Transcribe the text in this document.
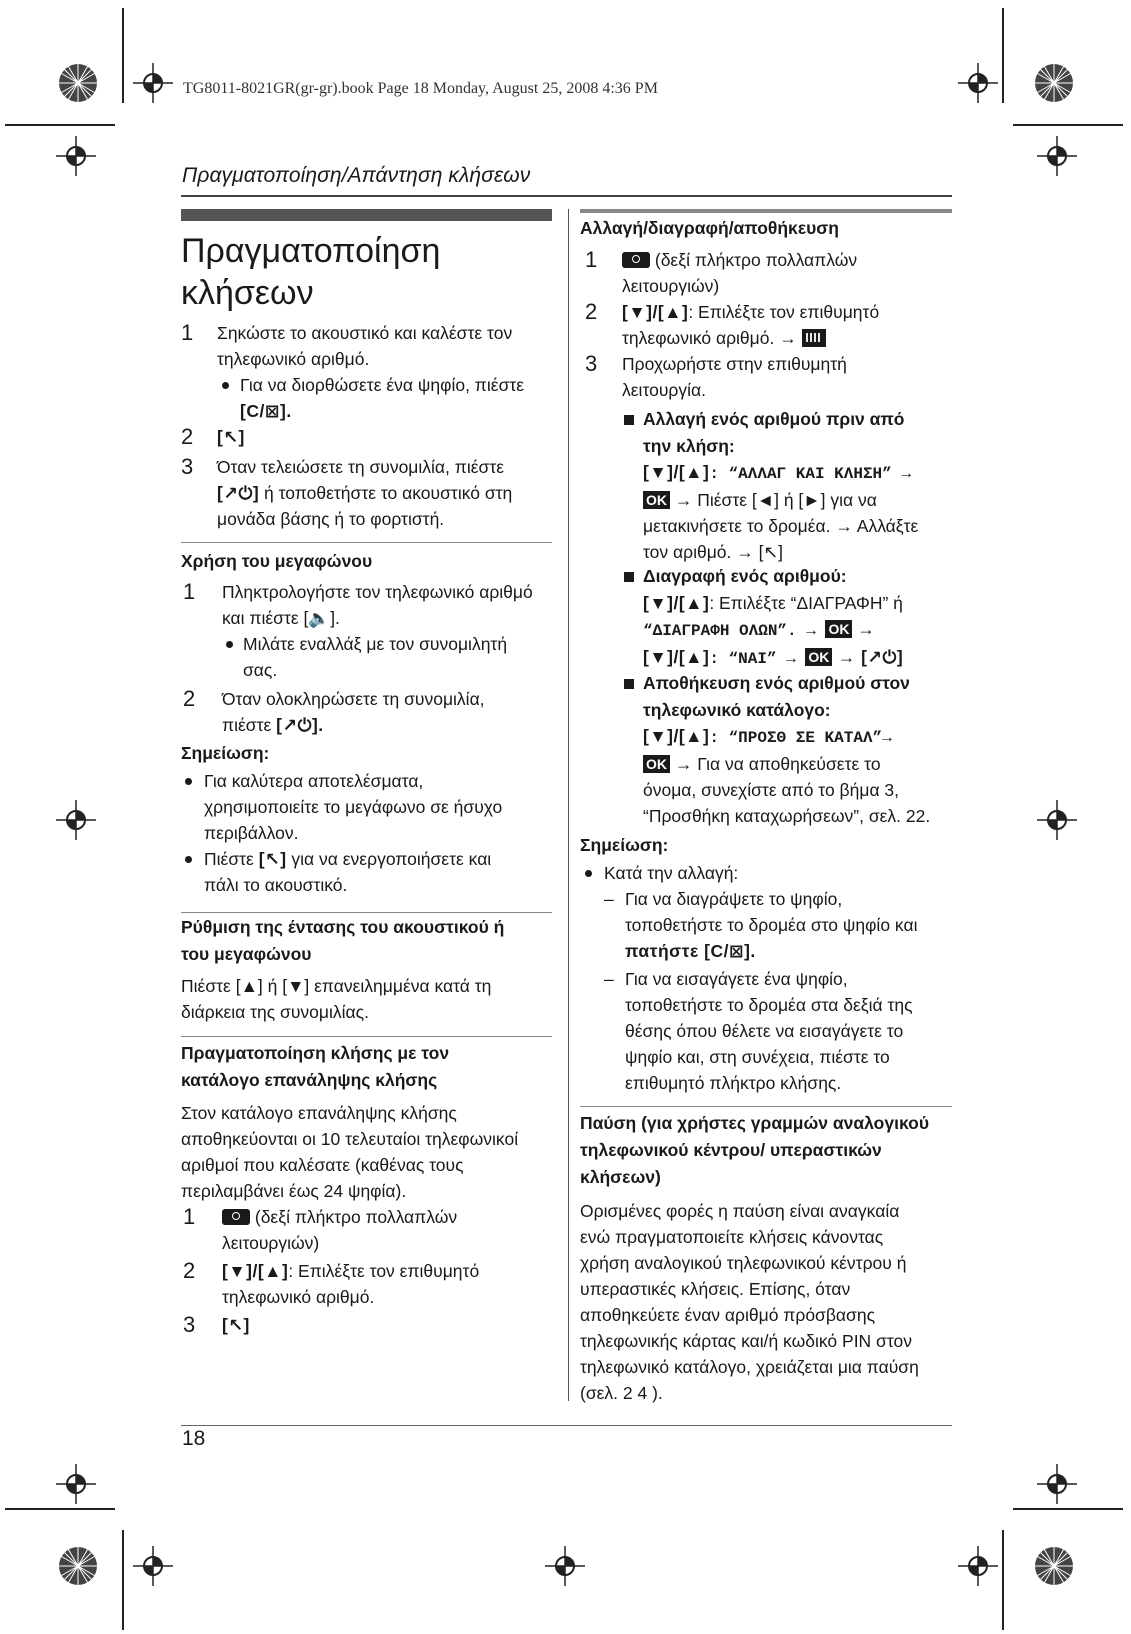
TG8011-8021GR(gr-gr).book Page 18 Monday, August 25, 2008 4:36 PM
Πραγματοποίηση/Απάντηση κλήσεων
Πραγματοποίηση
κλήσεων
1 Σηκώστε το ακουστικό και καλέστε τον
τηλεφωνικό αριθμό.
Για να διορθώσετε ένα ψηφίο, πιέστε
[C/⊠].
2 [↖]
3 Όταν τελειώσετε τη συνομιλία, πιέστε
[↗⏻] ή τοποθετήστε το ακουστικό στη
μονάδα βάσης ή το φορτιστή.
Χρήση του μεγαφώνου
1 Πληκτρολογήστε τον τηλεφωνικό αριθμό
και πιέστε [🔈].
Μιλάτε εναλλάξ με τον συνομιλητή
σας.
2 Όταν ολοκληρώσετε τη συνομιλία,
πιέστε [↗⏻].
Σημείωση:
Για καλύτερα αποτελέσματα,
χρησιμοποιείτε το μεγάφωνο σε ήσυχο
περιβάλλον.
Πιέστε [↖] για να ενεργοποιήσετε και
πάλι το ακουστικό.
Ρύθμιση της έντασης του ακουστικού ή
του μεγαφώνου
Πιέστε [▲] ή [▼] επανειλημμένα κατά τη
διάρκεια της συνομιλίας.
Πραγματοποίηση κλήσης με τον
κατάλογο επανάληψης κλήσης
Στον κατάλογο επανάληψης κλήσης
αποθηκεύονται οι 10 τελευταίοι τηλεφωνικοί
αριθμοί που καλέσατε (καθένας τους
περιλαμβάνει έως 24 ψηφία).
1	(δεξί πλήκτρο πολλαπλών
λειτουργιών)
2 [▼]/[▲]: Επιλέξτε τον επιθυμητό
τηλεφωνικό αριθμό.
3 [↖]
Αλλαγή/διαγραφή/αποθήκευση
1	(δεξί πλήκτρο πολλαπλών
λειτουργιών)
2 [▼]/[▲]: Επιλέξτε τον επιθυμητό
τηλεφωνικό αριθμό. →
3 Προχωρήστε στην επιθυμητή
λειτουργία.
Αλλαγή ενός αριθμού πριν από
την κλήση:
[▼]/[▲]: “ΑΛΛΑΓ ΚΑΙ ΚΛΗΣΗ” →
OK → Πιέστε [◄] ή [►] για να
μετακινήσετε το δρομέα. → Αλλάξτε
τον αριθμό. → [↖]
Διαγραφή ενός αριθμού:
[▼]/[▲]: Επιλέξτε “ΔΙΑΓΡΑΦΗ” ή
“ΔΙΑΓΡΑΦΗ ΟΛΩΝ”. → OK →
[▼]/[▲]: “ΝΑΙ” → OK → [↗⏻]
Αποθήκευση ενός αριθμού στον
τηλεφωνικό κατάλογο:
[▼]/[▲]: “ΠΡΟΣΘ ΣΕ ΚΑΤΑΛ”→
OK → Για να αποθηκεύσετε το
όνομα, συνεχίστε από το βήμα 3,
“Προσθήκη καταχωρήσεων”, σελ. 22.
Σημείωση:
Κατά την αλλαγή:
– Για να διαγράψετε το ψηφίο,
τοποθετήστε το δρομέα στο ψηφίο και
πατήστε [C/⊠].
– Για να εισαγάγετε ένα ψηφίο,
τοποθετήστε το δρομέα στα δεξιά της
θέσης όπου θέλετε να εισαγάγετε το
ψηφίο και, στη συνέχεια, πιέστε το
επιθυμητό πλήκτρο κλήσης.
Παύση (για χρήστες γραμμών αναλογικού
τηλεφωνικού κέντρου/ υπεραστικών
κλήσεων)
Ορισμένες φορές η παύση είναι αναγκαία
ενώ πραγματοποιείτε κλήσεις κάνοντας
χρήση αναλογικού τηλεφωνικού κέντρου ή
υπεραστικές κλήσεις. Επίσης, όταν
αποθηκεύετε έναν αριθμό πρόσβασης
τηλεφωνικής κάρτας και/ή κωδικό PIN στον
τηλεφωνικό κατάλογο, χρειάζεται μια παύση
(σελ. 2 4 ).
18
